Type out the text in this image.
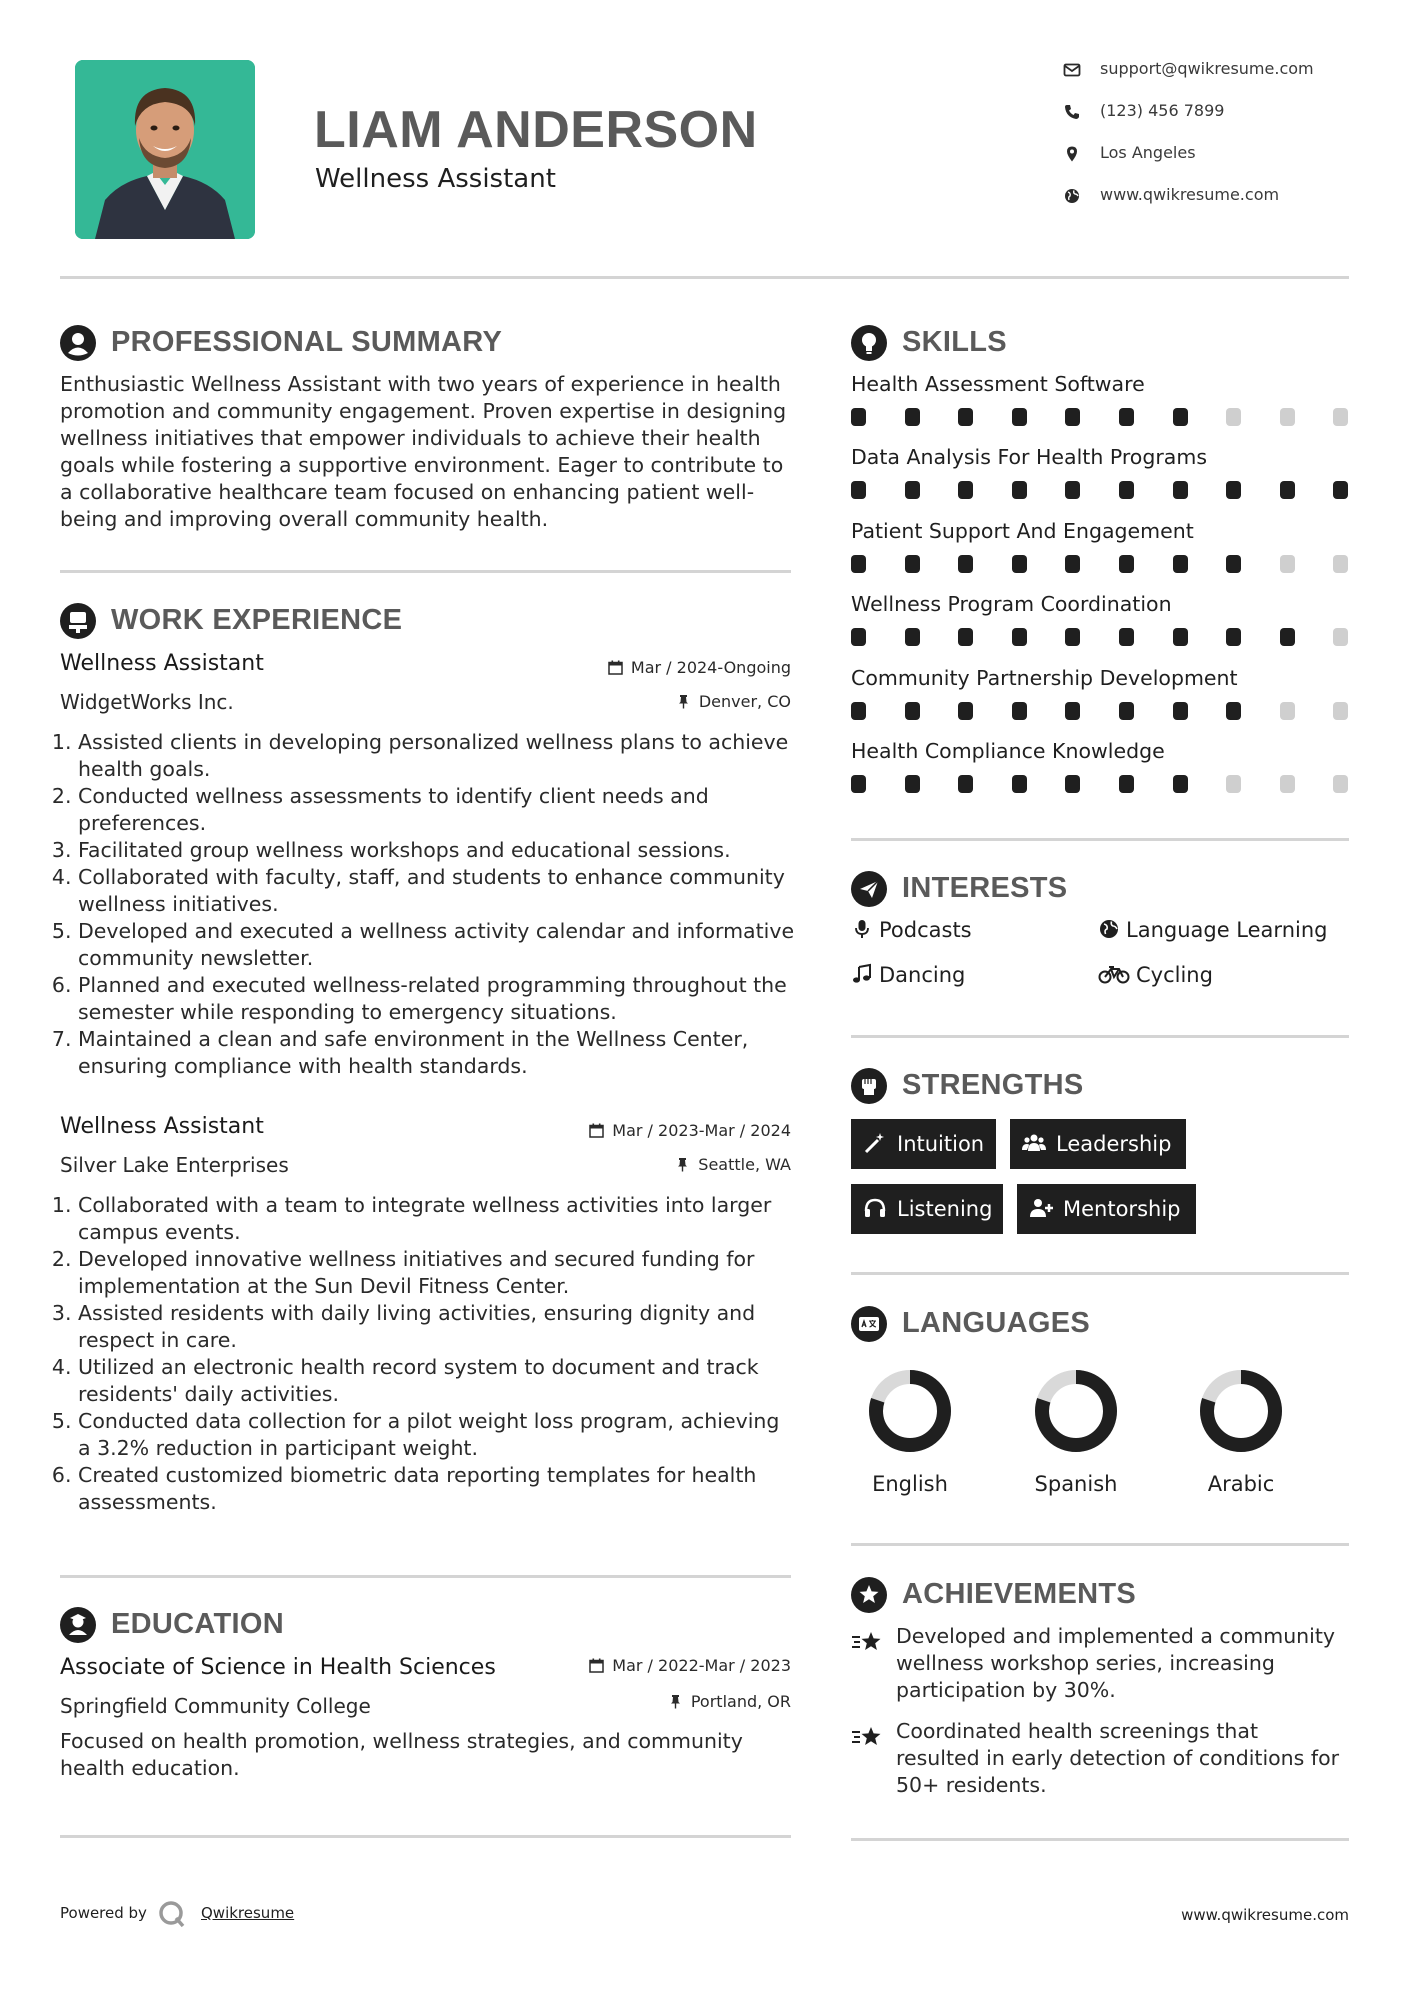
LIAM ANDERSON
Wellness Assistant
support@qwikresume.com
(123) 456 7899
Los Angeles
www.qwikresume.com
PROFESSIONAL SUMMARY
Enthusiastic Wellness Assistant with two years of experience in health
promotion and community engagement. Proven expertise in designing
wellness initiatives that empower individuals to achieve their health
goals while fostering a supportive environment. Eager to contribute to
a collaborative healthcare team focused on enhancing patient well-
being and improving overall community health.
WORK EXPERIENCE
Wellness Assistant	Mar / 2024-Ongoing
WidgetWorks Inc.	Denver, CO
1. Assisted clients in developing personalized wellness plans to achieve health goals.
2. Conducted wellness assessments to identify client needs and preferences.
3. Facilitated group wellness workshops and educational sessions.
4. Collaborated with faculty, staff, and students to enhance community wellness initiatives.
5. Developed and executed a wellness activity calendar and informative community newsletter.
6. Planned and executed wellness-related programming throughout the semester while responding to emergency situations.
7. Maintained a clean and safe environment in the Wellness Center, ensuring compliance with health standards.
Wellness Assistant	Mar / 2023-Mar / 2024
Silver Lake Enterprises	Seattle, WA
1. Collaborated with a team to integrate wellness activities into larger campus events.
2. Developed innovative wellness initiatives and secured funding for implementation at the Sun Devil Fitness Center.
3. Assisted residents with daily living activities, ensuring dignity and respect in care.
4. Utilized an electronic health record system to document and track residents' daily activities.
5. Conducted data collection for a pilot weight loss program, achieving a 3.2% reduction in participant weight.
6. Created customized biometric data reporting templates for health assessments.
EDUCATION
Associate of Science in Health Sciences	Mar / 2022-Mar / 2023
Springfield Community College	Portland, OR
Focused on health promotion, wellness strategies, and community
health education.
SKILLS
Health Assessment Software
Data Analysis For Health Programs
Patient Support And Engagement
Wellness Program Coordination
Community Partnership Development
Health Compliance Knowledge
INTERESTS
Podcasts	Language Learning
Dancing	Cycling
STRENGTHS
Intuition	Leadership
Listening	Mentorship
LANGUAGES
English	Spanish	Arabic
ACHIEVEMENTS
Developed and implemented a community
wellness workshop series, increasing
participation by 30%.
Coordinated health screenings that
resulted in early detection of conditions for
50+ residents.
Powered by	Qwikresume	www.qwikresume.com
